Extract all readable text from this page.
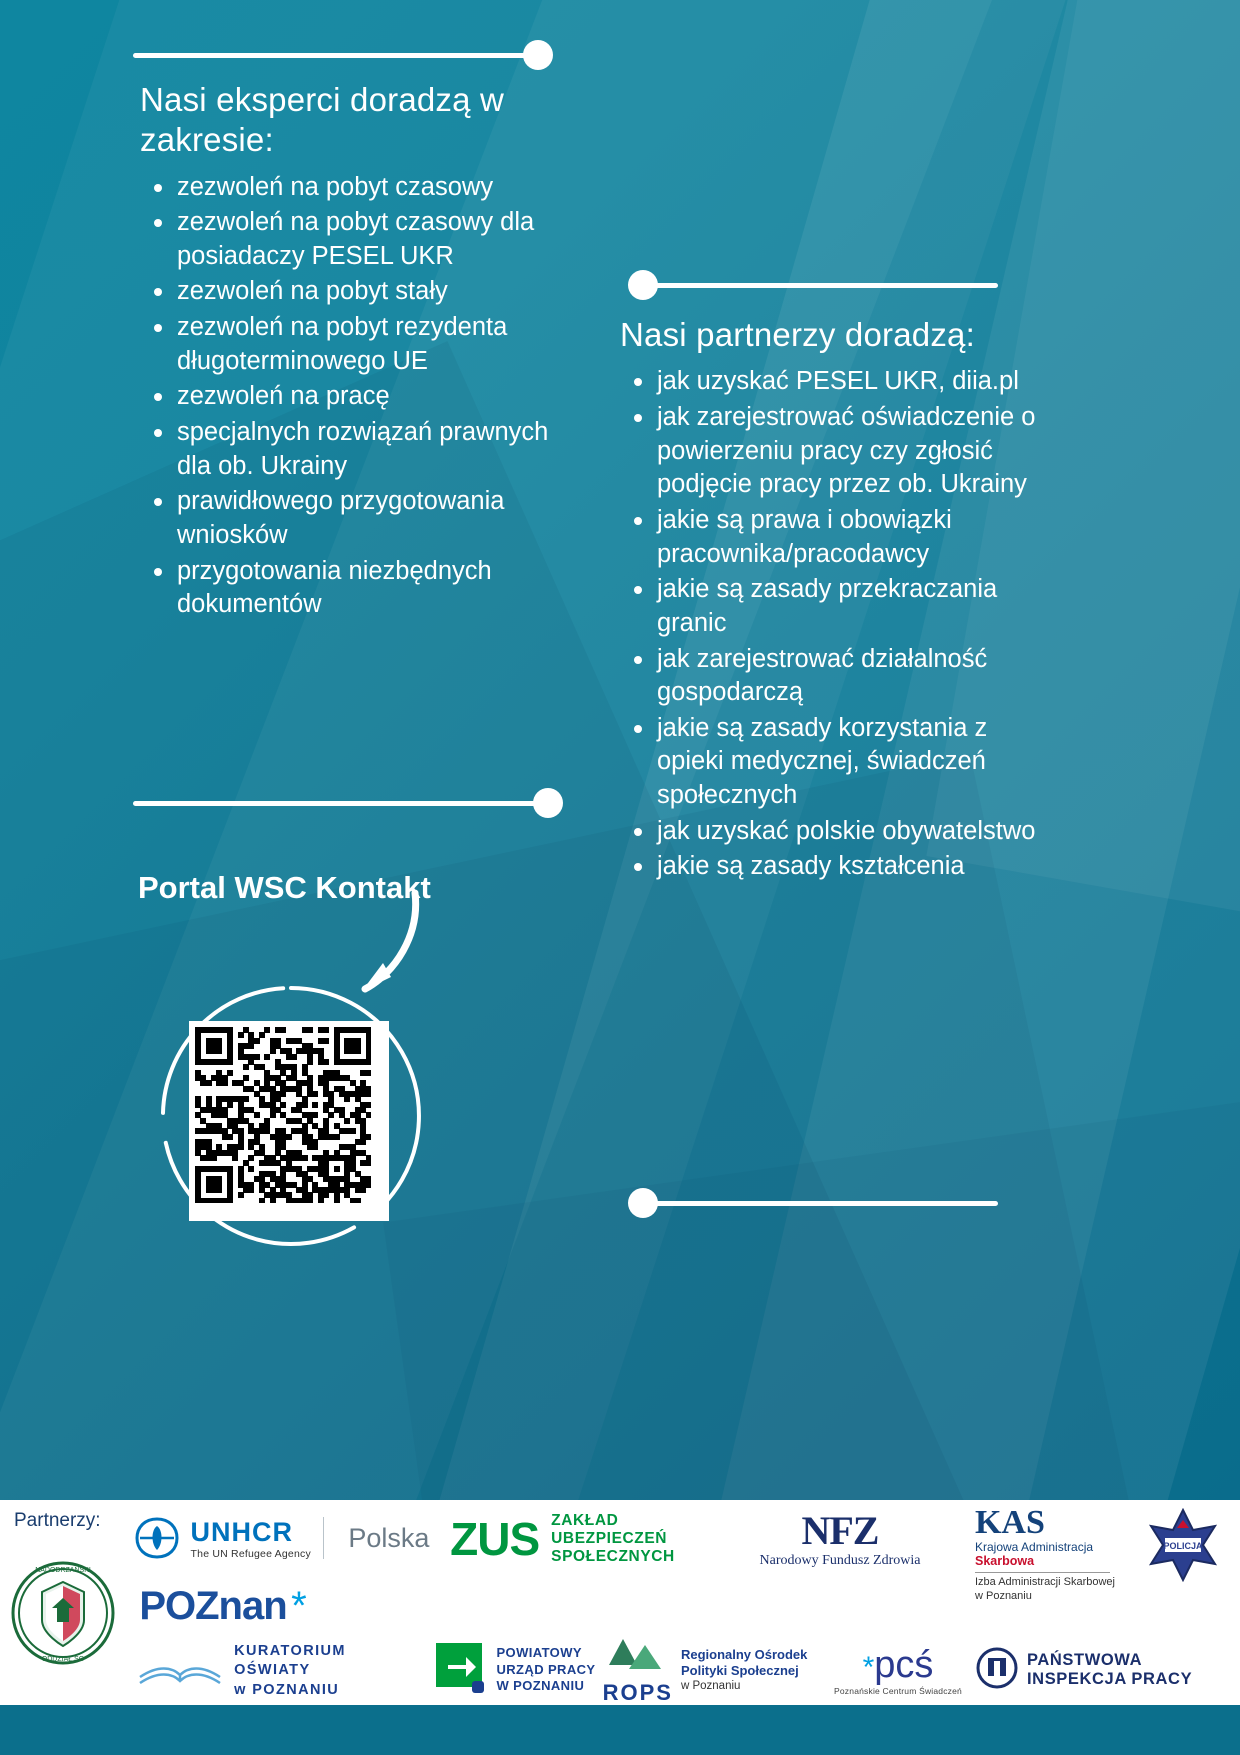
Nasi eksperci doradzą w zakresie:
zezwoleń na pobyt czasowy
zezwoleń na pobyt czasowy dla posiadaczy PESEL UKR
zezwoleń na pobyt stały
zezwoleń na pobyt rezydenta długoterminowego UE
zezwoleń na pracę
specjalnych rozwiązań prawnych dla ob. Ukrainy
prawidłowego przygotowania wniosków
przygotowania niezbędnych dokumentów
Nasi partnerzy doradzą:
jak uzyskać PESEL UKR, diia.pl
jak zarejestrować oświadczenie o powierzeniu pracy czy zgłosić podjęcie pracy przez ob. Ukrainy
jakie są prawa i obowiązki pracownika/pracodawcy
jakie są zasady przekraczania granic
jak zarejestrować działalność gospodarczą
jakie są zasady korzystania z opieki medycznej, świadczeń społecznych
jak uzyskać polskie obywatelstwo
jakie są zasady kształcenia
Portal WSC Kontakt
Partnerzy:	UNHCR
The UN Refugee Agency
Polska ZUS ZAKŁAD
UBEZPIECZEŃ
SPOŁECZNYCH
NFZ
Narodowy Fundusz Zdrowia
KAS
Krajowa Administracja
Skarbowa
Izba Administracji Skarbowej
w Poznaniu
POLICJA
NADODRZAŃSKI
ODDZIAŁ SG
POZnan *
KURATORIUM
OŚWIATY
w POZNANIU
POWIATOWY
URZĄD PRACY
W POZNANIU ROPS
Regionalny Ośrodek
Polityki Społecznej
w Poznaniu
*pcś
Poznańskie Centrum Świadczeń
PAŃSTWOWA INSPEKCJA PRACY
